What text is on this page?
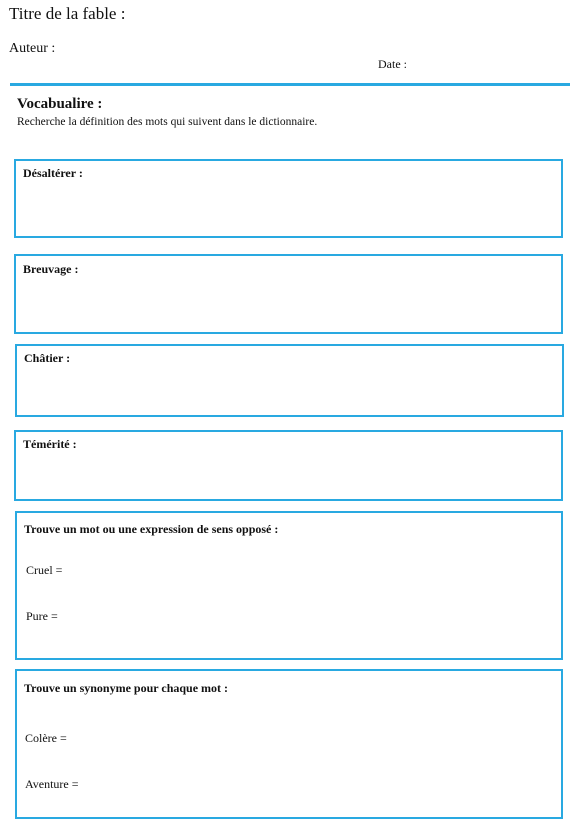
Titre de la fable :
Auteur :
Date :
Vocabualire :
Recherche la définition des mots qui suivent dans le dictionnaire.
Désaltérer :
Breuvage :
Châtier :
Témérité :
Trouve un mot ou une expression de sens opposé :
Cruel =
Pure =
Trouve un synonyme pour chaque mot :
Colère =
Aventure =
